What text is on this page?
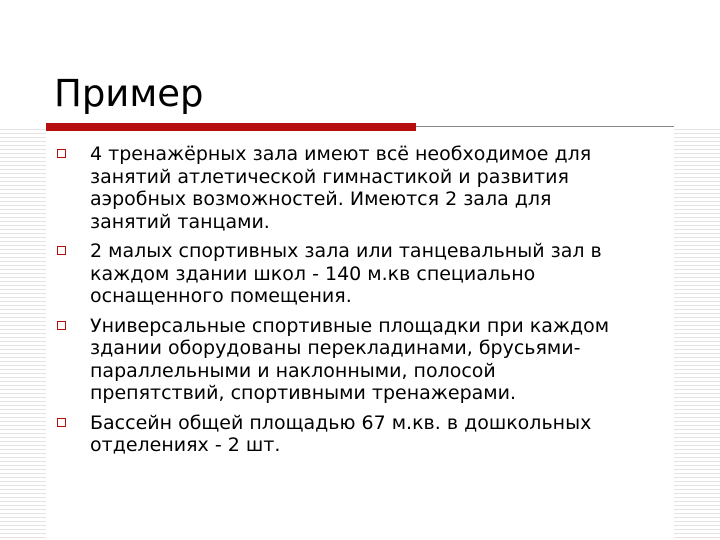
Пример
4 тренажёрных зала имеют всё необходимое для
занятий атлетической гимнастикой и развития
аэробных возможностей. Имеются 2 зала для
занятий танцами.
2 малых спортивных зала или танцевальный зал в
каждом здании школ - 140 м.кв специально
оснащенного помещения.
Универсальные спортивные площадки при каждом
здании оборудованы перекладинами, брусьями-
параллельными и наклонными, полосой
препятствий, спортивными тренажерами.
Бассейн общей площадью 67 м.кв. в дошкольных
отделениях - 2 шт.
